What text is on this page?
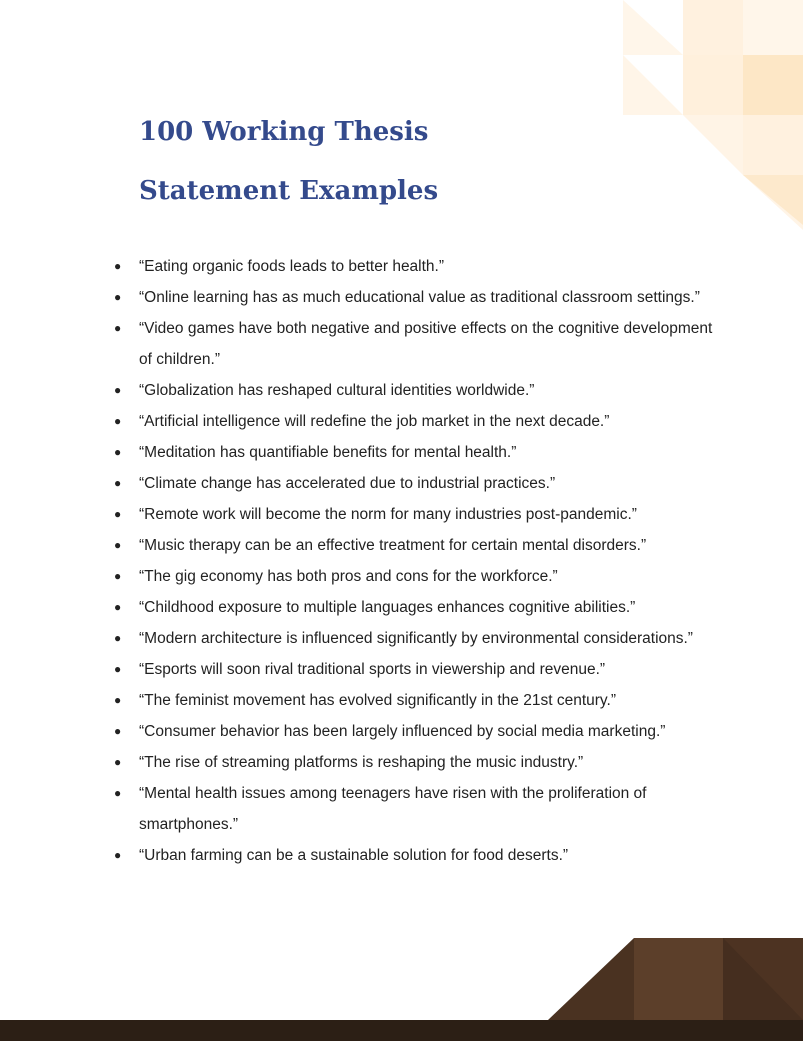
100 Working Thesis
Statement Examples
● “Eating organic foods leads to better health.”
● “Online learning has as much educational value as traditional classroom settings.”
● “Video games have both negative and positive effects on the cognitive development of children.”
● “Globalization has reshaped cultural identities worldwide.”
● “Artificial intelligence will redefine the job market in the next decade.”
● “Meditation has quantifiable benefits for mental health.”
● “Climate change has accelerated due to industrial practices.”
● “Remote work will become the norm for many industries post-pandemic.”
● “Music therapy can be an effective treatment for certain mental disorders.”
● “The gig economy has both pros and cons for the workforce.”
● “Childhood exposure to multiple languages enhances cognitive abilities.”
● “Modern architecture is influenced significantly by environmental considerations.”
● “Esports will soon rival traditional sports in viewership and revenue.”
● “The feminist movement has evolved significantly in the 21st century.”
● “Consumer behavior has been largely influenced by social media marketing.”
● “The rise of streaming platforms is reshaping the music industry.”
● “Mental health issues among teenagers have risen with the proliferation of smartphones.”
● “Urban farming can be a sustainable solution for food deserts.”
